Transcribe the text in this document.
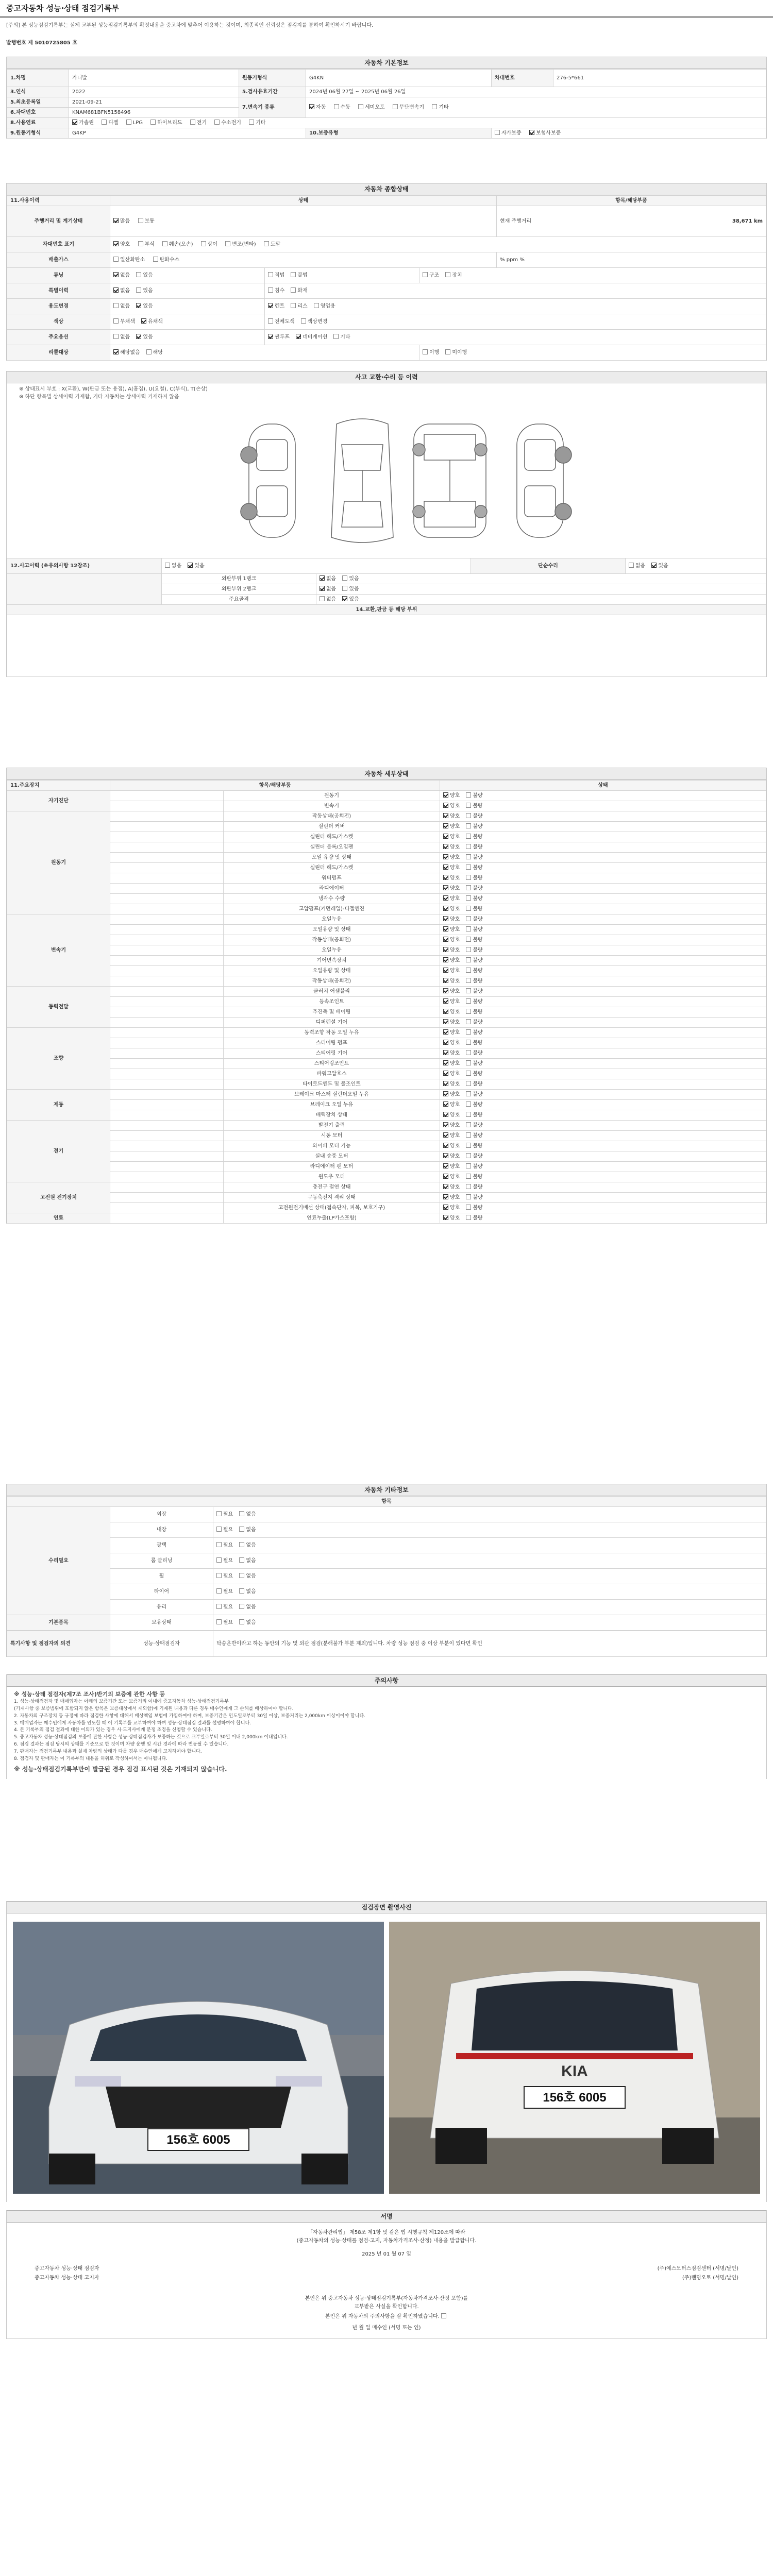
중고자동차 성능·상태 점검기록부
[주의] 본 성능점검기록부는 실제 교부된 성능점검기록부의 확정내용을 중고차에 맞추어 이용하는 것이며, 최종적인 신뢰성은 점검지를 통하여 확인하시기 바랍니다.
발행번호 제 5010725805 호
자동차 기본정보
1.차명	카니발	원동기형식	G4KN	차대번호	276-5*661
3.연식	2022	5.검사유효기간	2024년 06월 27일 ~ 2025년 06월 26일		
5.최초등록일	2021-09-21	7.변속기 종류	자동 수동 세미오토 무단변속기 기타		
6.차대번호	KNAM681BFN5158496				
8.사용연료	가솔린 디젤 LPG 하이브리드 전기 수소전기 기타				
9.원동기형식	G4KP		10.보증유형	자가보증 보험사보증	
자동차 종합상태
11.사용이력	상태			항목/해당부품
주행거리 및 계기상태	많음 보통			현재 주행거리 38,671 km

차대번호 표기	양호 부식 훼손(오손) 상이 변조(변타) 도말			
배출가스	일산화탄소 탄화수소			% ppm %
튜닝	없음 있음	적법 불법	구조 장치	
특별이력	없음 있음	침수 화재		
용도변경	없음 있음	렌트 리스 영업용		
색상	무채색 유채색	전체도색 색상변경		
주요옵션	없음 있음	썬루프 네비게이션 기타		
리콜대상	해당없음 해당		이행 미이행	
사고 교환·수리 등 이력
※ 상태표시 부호 : X(교환), W(판금 또는 용접), A(흠집), U(요철), C(부식), T(손상)
※ 하단 항목별 상세이력 기재함, 기타 자동차는 상세이력 기재하지 않음
12.사고이력 (※유의사항 12참조)	없음 있음		단순수리	없음 있음
	외판부위 1랭크	없음 있음		
	외판부위 2랭크	없음 있음		
	주요골격	없음 있음		
14.교환,판금 등 해당 부위				

자동차 세부상태
11.주요장치	항목/해당부품		상태
자기진단		원동기	양호 불량
		변속기	양호 불량
원동기		작동상태(공회전)	양호 불량
		실린더 커버	양호 불량
		실린더 헤드/가스켓	양호 불량
		실린더 블록/오일팬	양호 불량
		오일 유량 및 상태	양호 불량
		실린더 헤드/가스켓	양호 불량
		워터펌프	양호 불량
		라디에이터	양호 불량
		냉각수 수량	양호 불량
		고압펌프(커먼레일)-디젤엔진	양호 불량
변속기		오일누유	양호 불량
		오일유량 및 상태	양호 불량
		작동상태(공회전)	양호 불량
		오일누유	양호 불량
		기어변속장치	양호 불량
		오일유량 및 상태	양호 불량
		작동상태(공회전)	양호 불량
동력전달		클러치 어셈블리	양호 불량
		등속조인트	양호 불량
		추진축 및 베어링	양호 불량
		디퍼렌셜 기어	양호 불량
조향		동력조향 작동 오일 누유	양호 불량
		스티어링 펌프	양호 불량
		스티어링 기어	양호 불량
		스티어링조인트	양호 불량
		파워고압호스	양호 불량
		타이로드엔드 및 볼조인트	양호 불량
제동		브레이크 마스터 실린더오일 누유	양호 불량
		브레이크 오일 누유	양호 불량
		배력장치 상태	양호 불량
전기		발전기 출력	양호 불량
		시동 모터	양호 불량
		와이퍼 모터 기능	양호 불량
		실내 송풍 모터	양호 불량
		라디에이터 팬 모터	양호 불량
		윈도우 모터	양호 불량
고전원 전기장치		충전구 절연 상태	양호 불량
		구동축전지 격리 상태	양호 불량
		고전원전기배선 상태(접속단자, 피복, 보호기구)	양호 불량
연료		연료누출(LP가스포함)	양호 불량
자동차 기타정보
항목		
수리필요	외장	필요 없음
	내장	필요 없음
	광택	필요 없음
	룸 클리닝	필요 없음
	휠	필요 없음
	타이어	필요 없음
	유리	필요 없음
기본품목	보유상태	필요 없음
특기사항 및 점검자의 의견	성능·상태점검자	탁송운반이라고 하는 동안의 기능 및 외관 점검(분해불가 부분 제외)입니다. 차량 성능 점검 중 이상 부분이 있다면 확인
주의사항

※ 성능·상태 점검자(제7조 조사)반기의 보증에 관한 사항 등

1. 성능·상태점검자 및 매매업자는 아래의 보증기간 또는 보증거리 이내에 중고자동차 성능·상태점검기록부

(기재사항 중 보증범위에 포함되지 않은 항목은 보증대상에서 제외함)에 기재된 내용과 다른 경우 매수인에게 그 손해를 배상하여야 합니다.

2. 자동차의 구조장치 등 규정에 따라 점검한 사항에 대해서 배상책임 보험에 가입하여야 하며, 보증기간은 인도일로부터 30일 이상, 보증거리는 2,000km 이상이어야 합니다.

3. 매매업자는 매수인에게 자동차를 인도할 때 이 기록부를 교부하여야 하며 성능·상태점검 결과를 설명하여야 합니다.

4. 본 기록부의 점검 결과에 대한 이의가 있는 경우 시·도지사에게 분쟁 조정을 신청할 수 있습니다.

5. 중고자동차 성능·상태점검의 보증에 관한 사항은 성능·상태점검자가 보증하는 것으로 교부일로부터 30일 이내 2,000km 이내입니다.

6. 점검 결과는 점검 당시의 상태를 기준으로 한 것이며 차량 운행 및 시간 경과에 따라 변동될 수 있습니다.

7. 판매자는 점검기록부 내용과 실제 차량의 상태가 다를 경우 매수인에게 고지하여야 합니다.

8. 점검자 및 판매자는 이 기록부의 내용을 허위로 작성하여서는 아니됩니다.

※ 성능·상태점검기록부만이 발급된 경우 점검 표시된 것은 기재되지 않습니다.

점검장면 촬영사진
156호 6005
KIA
156호 6005
서명

「자동차관리법」 제58조 제1항 및 같은 법 시행규칙 제120조에 따라

(중고자동차의 성능·상태를 점검·고지, 자동차가격조사·산정) 내용을 발급합니다.

2025 년 01 월 07 일

중고자동차 성능·상태 점검자	(주)예스모터스점검센터 (서명/날인)
중고자동차 성능·상태 고지자	(주)랜딩오토 (서명/날인)

본인은 위 중고자동차 성능·상태점검기록부(자동차가격조사·산정 포함)를

교부받은 사실을 확인합니다.

본인은 위 자동차의 주의사항을 잘 확인하였습니다.

년 월 일 매수인 (서명 또는 인)
